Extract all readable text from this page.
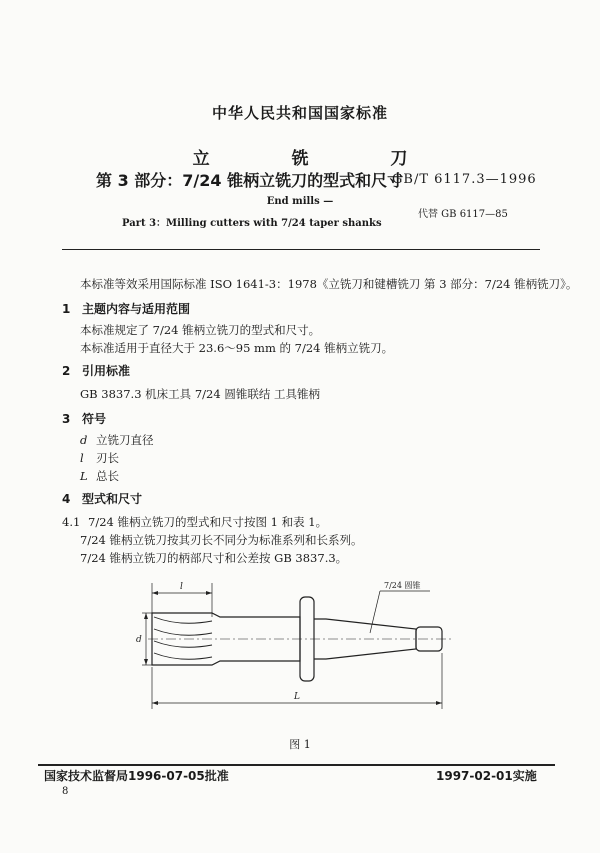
中华人民共和国国家标准
立 铣 刀
第 3 部分：7/24 锥柄立铣刀的型式和尺寸
GB/T 6117.3—1996
End mills —
Part 3：Milling cutters with 7/24 taper shanks
代替 GB 6117—85
本标准等效采用国际标准 ISO 1641-3：1978《立铣刀和键槽铣刀 第 3 部分：7/24 锥柄铣刀》。
1 主题内容与适用范围
本标准规定了 7/24 锥柄立铣刀的型式和尺寸。
本标准适用于直径大于 23.6～95 mm 的 7/24 锥柄立铣刀。
2 引用标准
GB 3837.3 机床工具 7/24 圆锥联结 工具锥柄
3 符号
d 立铣刀直径
l 刃长
L 总长
4 型式和尺寸
4.1 7/24 锥柄立铣刀的型式和尺寸按图 1 和表 1。
7/24 锥柄立铣刀按其刃长不同分为标准系列和长系列。
7/24 锥柄立铣刀的柄部尺寸和公差按 GB 3837.3。
l
d
L
7/24 圆锥
图 1
国家技术监督局1996-07-05批准	1997-02-01实施
8
